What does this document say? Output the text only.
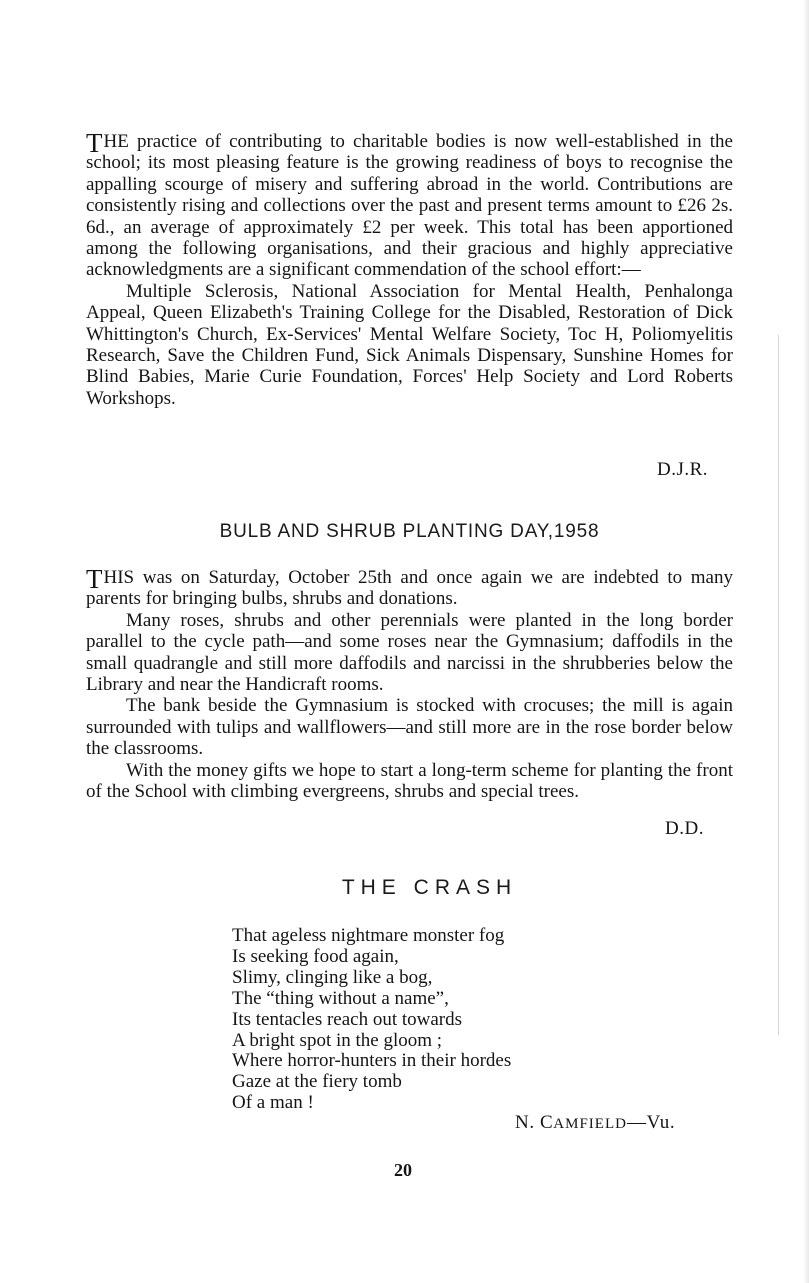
THE practice of contributing to charitable bodies is now well-established in the school; its most pleasing feature is the growing readiness of boys to recognise the appalling scourge of misery and suffering abroad in the world. Contributions are consistently rising and collections over the past and present terms amount to £26 2s. 6d., an average of approximately £2 per week. This total has been apportioned among the following organisations, and their gracious and highly appreciative acknowledgments are a significant commendation of the school effort:—

Multiple Sclerosis, National Association for Mental Health, Penhalonga Appeal, Queen Elizabeth's Training College for the Disabled, Restoration of Dick Whittington's Church, Ex-Services' Mental Welfare Society, Toc H, Poliomyelitis Research, Save the Children Fund, Sick Animals Dispensary, Sunshine Homes for Blind Babies, Marie Curie Foundation, Forces' Help Society and Lord Roberts Workshops.

D.J.R.
BULB AND SHRUB PLANTING DAY,1958

THIS was on Saturday, October 25th and once again we are indebted to many parents for bringing bulbs, shrubs and donations.

Many roses, shrubs and other perennials were planted in the long border parallel to the cycle path—and some roses near the Gymnasium; daffodils in the small quadrangle and still more daffodils and narcissi in the shrubberies below the Library and near the Handicraft rooms.

The bank beside the Gymnasium is stocked with crocuses; the mill is again surrounded with tulips and wallflowers—and still more are in the rose border below the classrooms.

With the money gifts we hope to start a long-term scheme for planting the front of the School with climbing evergreens, shrubs and special trees.

D.D.
THE CRASH
That ageless nightmare monster fog
Is seeking food again,
Slimy, clinging like a bog,
The “thing without a name”,
Its tentacles reach out towards
A bright spot in the gloom ;
Where horror-hunters in their hordes
Gaze at the fiery tomb
Of a man !
N. CAMFIELD—Vu.
20
